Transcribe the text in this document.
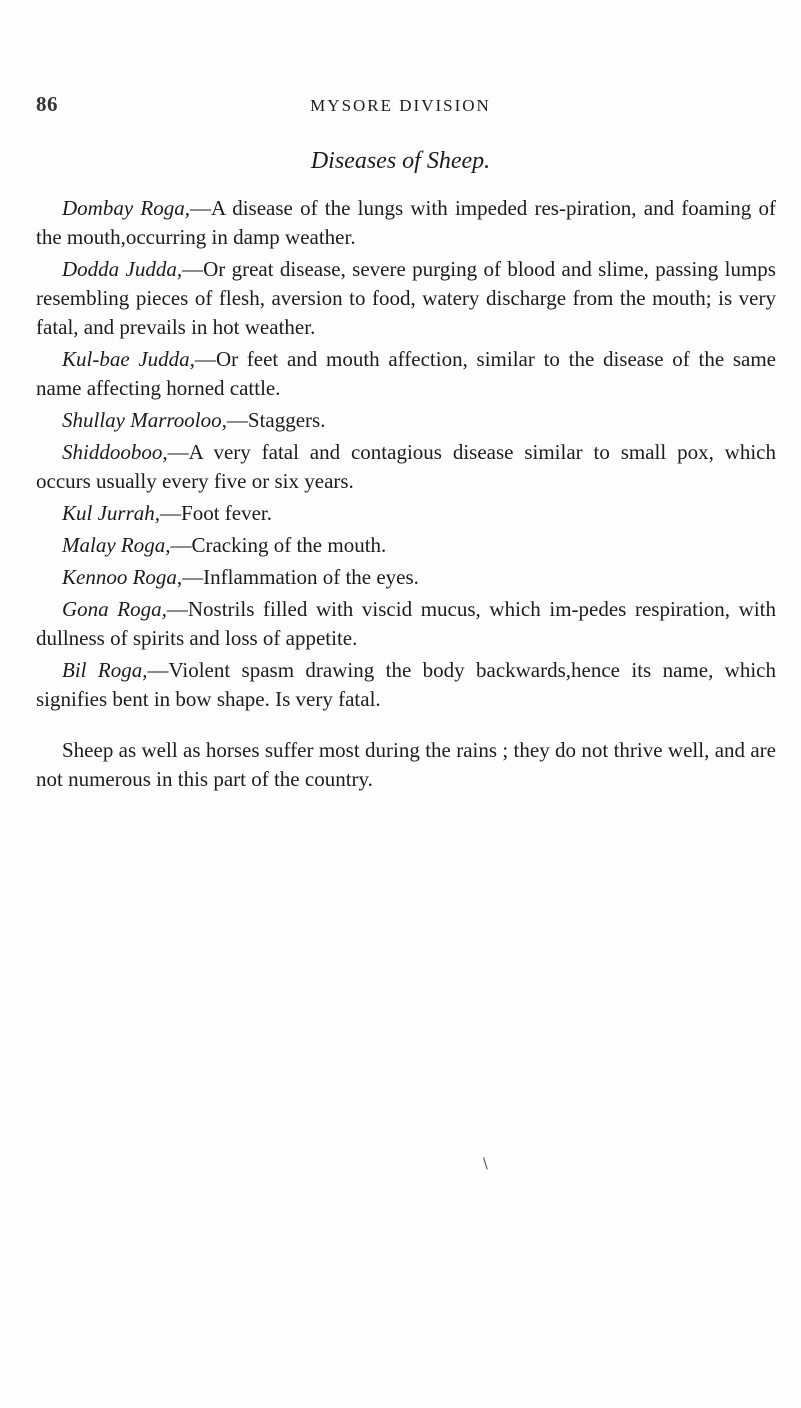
86	MYSORE DIVISION
Diseases of Sheep.

Dombay Roga,—A disease of the lungs with impeded res-piration, and foaming of the mouth,occurring in damp weather.

Dodda Judda,—Or great disease, severe purging of blood and slime, passing lumps resembling pieces of flesh, aversion to food, watery discharge from the mouth; is very fatal, and prevails in hot weather.

Kul-bae Judda,—Or feet and mouth affection, similar to the disease of the same name affecting horned cattle.

Shullay Marrooloo,—Staggers.

Shiddooboo,—A very fatal and contagious disease similar to small pox, which occurs usually every five or six years.

Kul Jurrah,—Foot fever.

Malay Roga,—Cracking of the mouth.

Kennoo Roga,—Inflammation of the eyes.

Gona Roga,—Nostrils filled with viscid mucus, which im-pedes respiration, with dullness of spirits and loss of appetite.

Bil Roga,—Violent spasm drawing the body backwards,hence its name, which signifies bent in bow shape. Is very fatal.

Sheep as well as horses suffer most during the rains ; they do not thrive well, and are not numerous in this part of the country.

\
